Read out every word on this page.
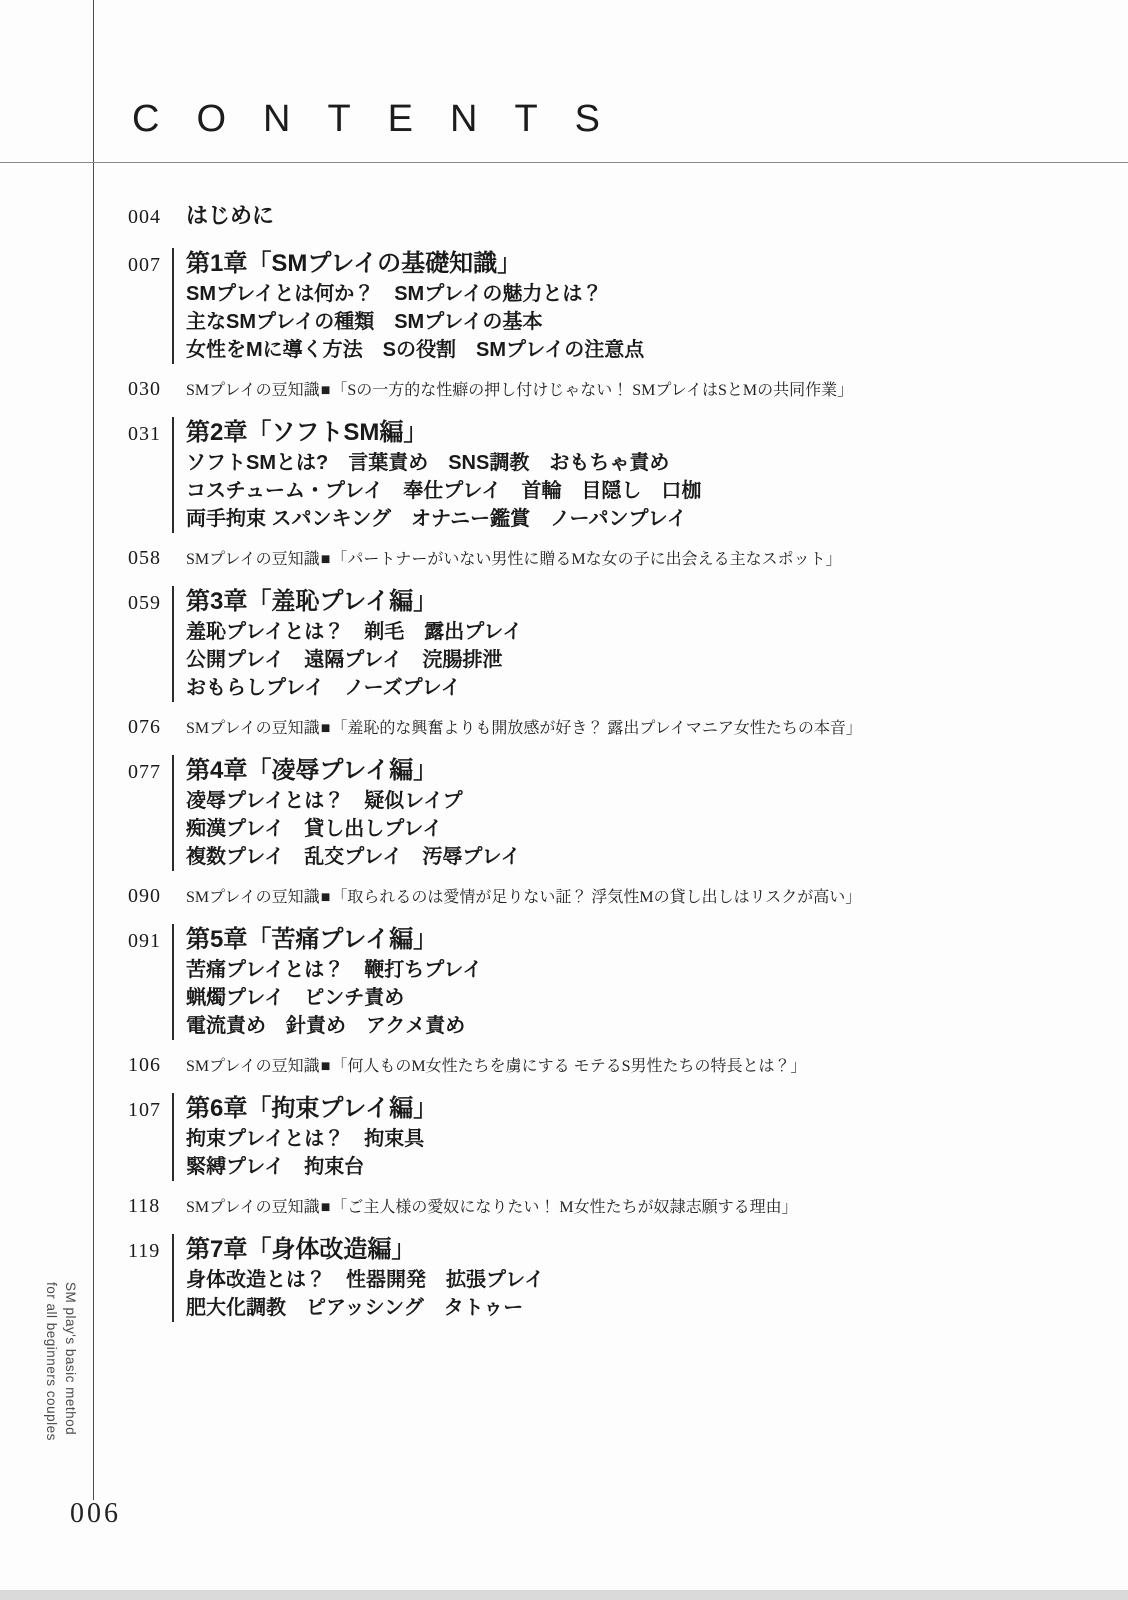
CONTENTS
004	はじめに
007	第1章「SMプレイの基礎知識」
SMプレイとは何か？　SMプレイの魅力とは？
主なSMプレイの種類　SMプレイの基本
女性をMに導く方法　Sの役割　SMプレイの注意点
030	SMプレイの豆知識■「Sの一方的な性癖の押し付けじゃない！ SMプレイはSとMの共同作業」
031	第2章「ソフトSM編」
ソフトSMとは?　言葉責め　SNS調教　おもちゃ責め
コスチューム・プレイ　奉仕プレイ　首輪　目隠し　口枷
両手拘束 スパンキング　オナニー鑑賞　ノーパンプレイ
058	SMプレイの豆知識■「パートナーがいない男性に贈るMな女の子に出会える主なスポット」
059	第3章「羞恥プレイ編」
羞恥プレイとは？　剃毛　露出プレイ
公開プレイ　遠隔プレイ　浣腸排泄
おもらしプレイ　ノーズプレイ
076	SMプレイの豆知識■「羞恥的な興奮よりも開放感が好き？ 露出プレイマニア女性たちの本音」
077	第4章「凌辱プレイ編」
凌辱プレイとは？　疑似レイプ
痴漢プレイ　貸し出しプレイ
複数プレイ　乱交プレイ　汚辱プレイ
090	SMプレイの豆知識■「取られるのは愛情が足りない証？ 浮気性Mの貸し出しはリスクが高い」
091	第5章「苦痛プレイ編」
苦痛プレイとは？　鞭打ちプレイ
蝋燭プレイ　ピンチ責め
電流責め　針責め　アクメ責め
106	SMプレイの豆知識■「何人ものM女性たちを虜にする モテるS男性たちの特長とは？」
107	第6章「拘束プレイ編」
拘束プレイとは？　拘束具
緊縛プレイ　拘束台
118	SMプレイの豆知識■「ご主人様の愛奴になりたい！ M女性たちが奴隷志願する理由」
119	第7章「身体改造編」
身体改造とは？　性器開発　拡張プレイ
肥大化調教　ピアッシング　タトゥー
SM play's basic method
for all beginners couples
006
